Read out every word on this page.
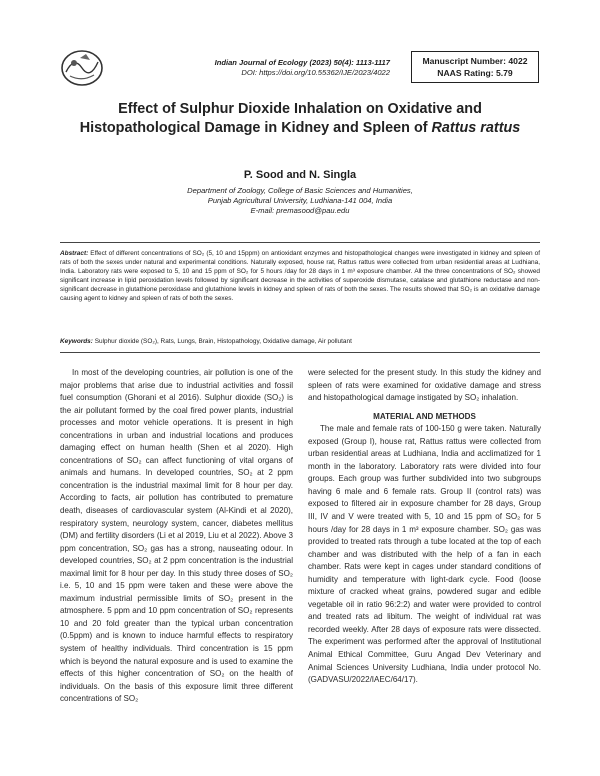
Indian Journal of Ecology (2023) 50(4): 1113-1117
DOI: https://doi.org/10.55362/IJE/2023/4022
Manuscript Number: 4022
NAAS Rating: 5.79
Effect of Sulphur Dioxide Inhalation on Oxidative and
Histopathological Damage in Kidney and Spleen of Rattus rattus
P. Sood and N. Singla
Department of Zoology, College of Basic Sciences and Humanities,
Punjab Agricultural University, Ludhiana-141 004, India
E-mail: premasood@pau.edu
Abstract: Effect of different concentrations of SO₂ (5, 10 and 15ppm) on antioxidant enzymes and histopathological changes were investigated in kidney and spleen of rats of both the sexes under natural and experimental conditions. Naturally exposed, house rat, Rattus rattus were collected from urban residential areas at Ludhiana, India. Laboratory rats were exposed to 5, 10 and 15 ppm of SO₂ for 5 hours /day for 28 days in 1 m³ exposure chamber. All the three concentrations of SO₂ showed significant increase in lipid peroxidation levels followed by significant decrease in the activities of superoxide dismutase, catalase and glutathione reductase and non-significant decrease in glutathione peroxidase and glutathione levels in kidney and spleen of rats of both the sexes. The results showed that SO₂ is an oxidative damage causing agent to kidney and spleen of rats of both the sexes.
Keywords: Sulphur dioxide (SO₂), Rats, Lungs, Brain, Histopathology, Oxidative damage, Air pollutant

In most of the developing countries, air pollution is one of the major problems that arise due to industrial activities and fossil fuel consumption (Ghorani et al 2016). Sulphur dioxide (SO₂) is the air pollutant formed by the coal fired power plants, industrial processes and motor vehicle operations. It is present in high concentrations in urban and industrial locations and produces damaging effect on human health (Shen et al 2020). High concentrations of SO₂ can affect functioning of vital organs of animals and humans. In developed countries, SO₂ at 2 ppm concentration is the industrial maximal limit for 8 hour per day. According to facts, air pollution has contributed to premature death, diseases of cardiovascular system (Al-Kindi et al 2020), respiratory system, neurology system, cancer, diabetes mellitus (DM) and fertility disorders (Li et al 2019, Liu et al 2022). Above 3 ppm concentration, SO₂ gas has a strong, nauseating odour. In developed countries, SO₂ at 2 ppm concentration is the industrial maximal limit for 8 hour per day. In this study three doses of SO₂ i.e. 5, 10 and 15 ppm were taken and these were above the maximum industrial permissible limits of SO₂ present in the atmosphere. 5 ppm and 10 ppm concentration of SO₂ represents 10 and 20 fold greater than the typical urban concentration (0.5ppm) and is known to induce harmful effects to respiratory system of healthy individuals. Third concentration is 15 ppm which is beyond the natural exposure and is used to examine the effects of this higher concentration of SO₂ on the health of individuals. On the basis of this exposure limit three different concentrations of SO₂

were selected for the present study. In this study the kidney and spleen of rats were examined for oxidative damage and stress and histopathological damage instigated by SO₂ inhalation.

MATERIAL AND METHODS

The male and female rats of 100-150 g were taken. Naturally exposed (Group I), house rat, Rattus rattus were collected from urban residential areas at Ludhiana, India and acclimatized for 1 month in the laboratory. Laboratory rats were divided into four groups. Each group was further subdivided into two subgroups having 6 male and 6 female rats. Group II (control rats) was exposed to filtered air in exposure chamber for 28 days, Group III, IV and V were treated with 5, 10 and 15 ppm of SO₂ for 5 hours /day for 28 days in 1 m³ exposure chamber. SO₂ gas was provided to treated rats through a tube located at the top of each chamber and was distributed with the help of a fan in each chamber. Rats were kept in cages under standard conditions of humidity and temperature with light-dark cycle. Food (loose mixture of cracked wheat grains, powdered sugar and edible vegetable oil in ratio 96:2:2) and water were provided to control and treated rats ad libitum. The weight of individual rat was recorded weekly. After 28 days of exposure rats were dissected. The experiment was performed after the approval of Institutional Animal Ethical Committee, Guru Angad Dev Veterinary and Animal Sciences University Ludhiana, India under protocol No. (GADVASU/2022/IAEC/64/17).
